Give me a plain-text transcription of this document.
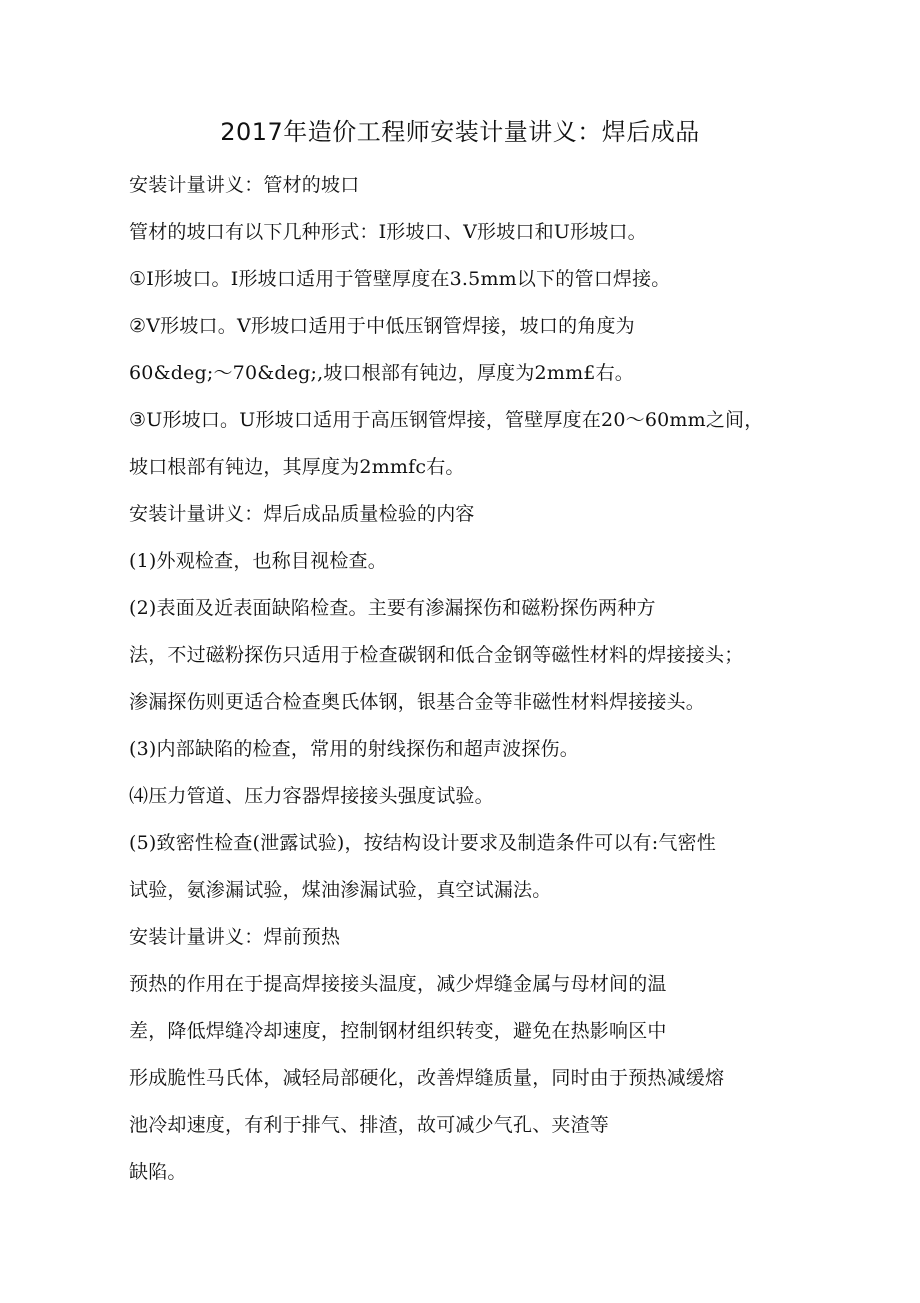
2017年造价工程师安装计量讲义：焊后成品
安装计量讲义：管材的坡口
管材的坡口有以下几种形式：I形坡口、V形坡口和U形坡口。
①I形坡口。I形坡口适用于管壁厚度在3.5mm以下的管口焊接。
②V形坡口。V形坡口适用于中低压钢管焊接，坡口的角度为
60&deg;〜70&deg;,坡口根部有钝边，厚度为2mm£右。
③U形坡口。U形坡口适用于高压钢管焊接，管壁厚度在20〜60mm之间，
坡口根部有钝边，其厚度为2mmfc右。
安装计量讲义：焊后成品质量检验的内容
(1)外观检查，也称目视检查。
(2)表面及近表面缺陷检查。主要有渗漏探伤和磁粉探伤两种方
法，不过磁粉探伤只适用于检查碳钢和低合金钢等磁性材料的焊接接头；
渗漏探伤则更适合检查奥氏体钢，银基合金等非磁性材料焊接接头。
(3)内部缺陷的检查，常用的射线探伤和超声波探伤。
⑷压力管道、压力容器焊接接头强度试验。
(5)致密性检查(泄露试验)，按结构设计要求及制造条件可以有:气密性
试验，氨渗漏试验，煤油渗漏试验，真空试漏法。
安装计量讲义：焊前预热
预热的作用在于提高焊接接头温度，减少焊缝金属与母材间的温
差，降低焊缝冷却速度，控制钢材组织转变，避免在热影响区中
形成脆性马氏体，减轻局部硬化，改善焊缝质量，同时由于预热减缓熔
池冷却速度，有利于排气、排渣，故可减少气孔、夹渣等
缺陷。
